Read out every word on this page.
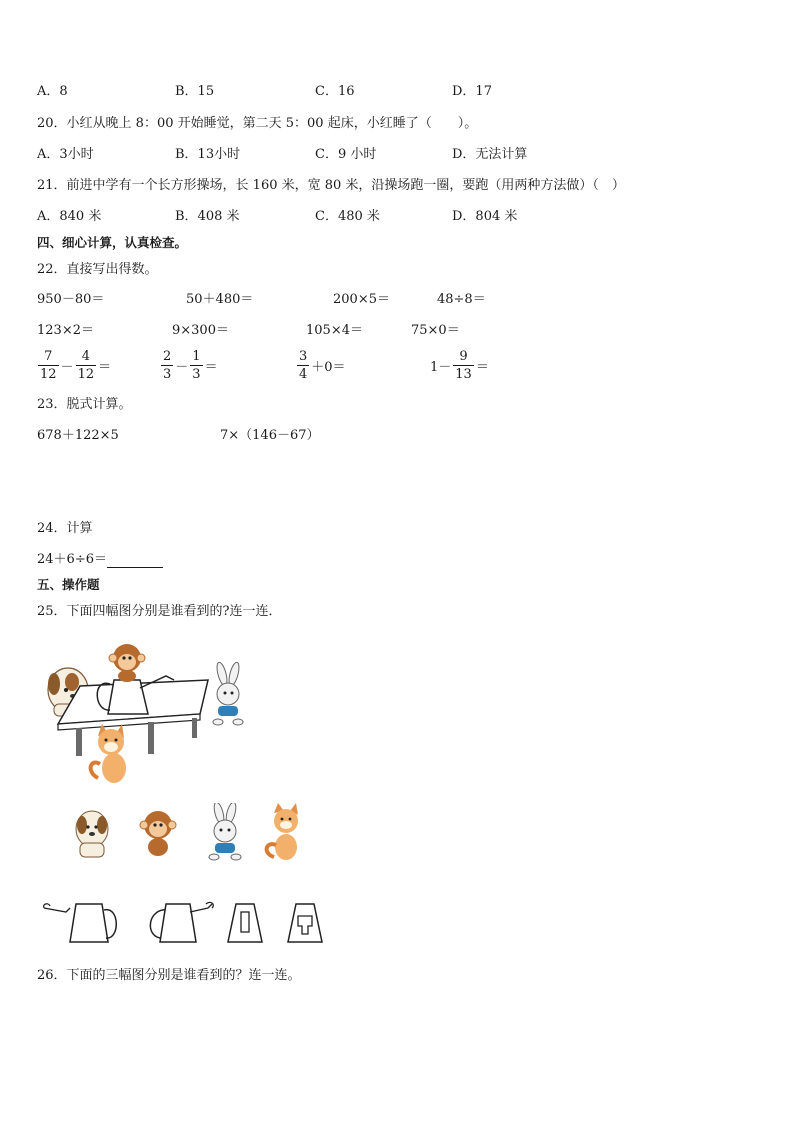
A．8	B．15	C．16	D．17
20．小红从晚上 8：00 开始睡觉，第二天 5：00 起床，小红睡了（　　）。
A．3小时	B．13小时	C．9 小时	D．无法计算
21．前进中学有一个长方形操场，长 160 米，宽 80 米，沿操场跑一圈，要跑（用两种方法做）（　）
A．840 米	B．408 米	C．480 米	D．804 米
四、细心计算，认真检查。
22．直接写出得数。
950－80＝	50＋480＝	200×5＝	48÷8＝
123×2＝	9×300＝	105×4＝	75×0＝
$\frac{7}{12} - \frac{4}{12}$ ＝	$\frac{2}{3} - \frac{1}{3}$ ＝	$\frac{3}{4} +0=$	$1- \frac{9}{13}$ ＝
23．脱式计算。
678＋122×5	7×（146－67）
24．计算
24＋6÷6＝
五、操作题
25．下面四幅图分别是谁看到的?连一连．
26．下面的三幅图分别是谁看到的？连一连。
